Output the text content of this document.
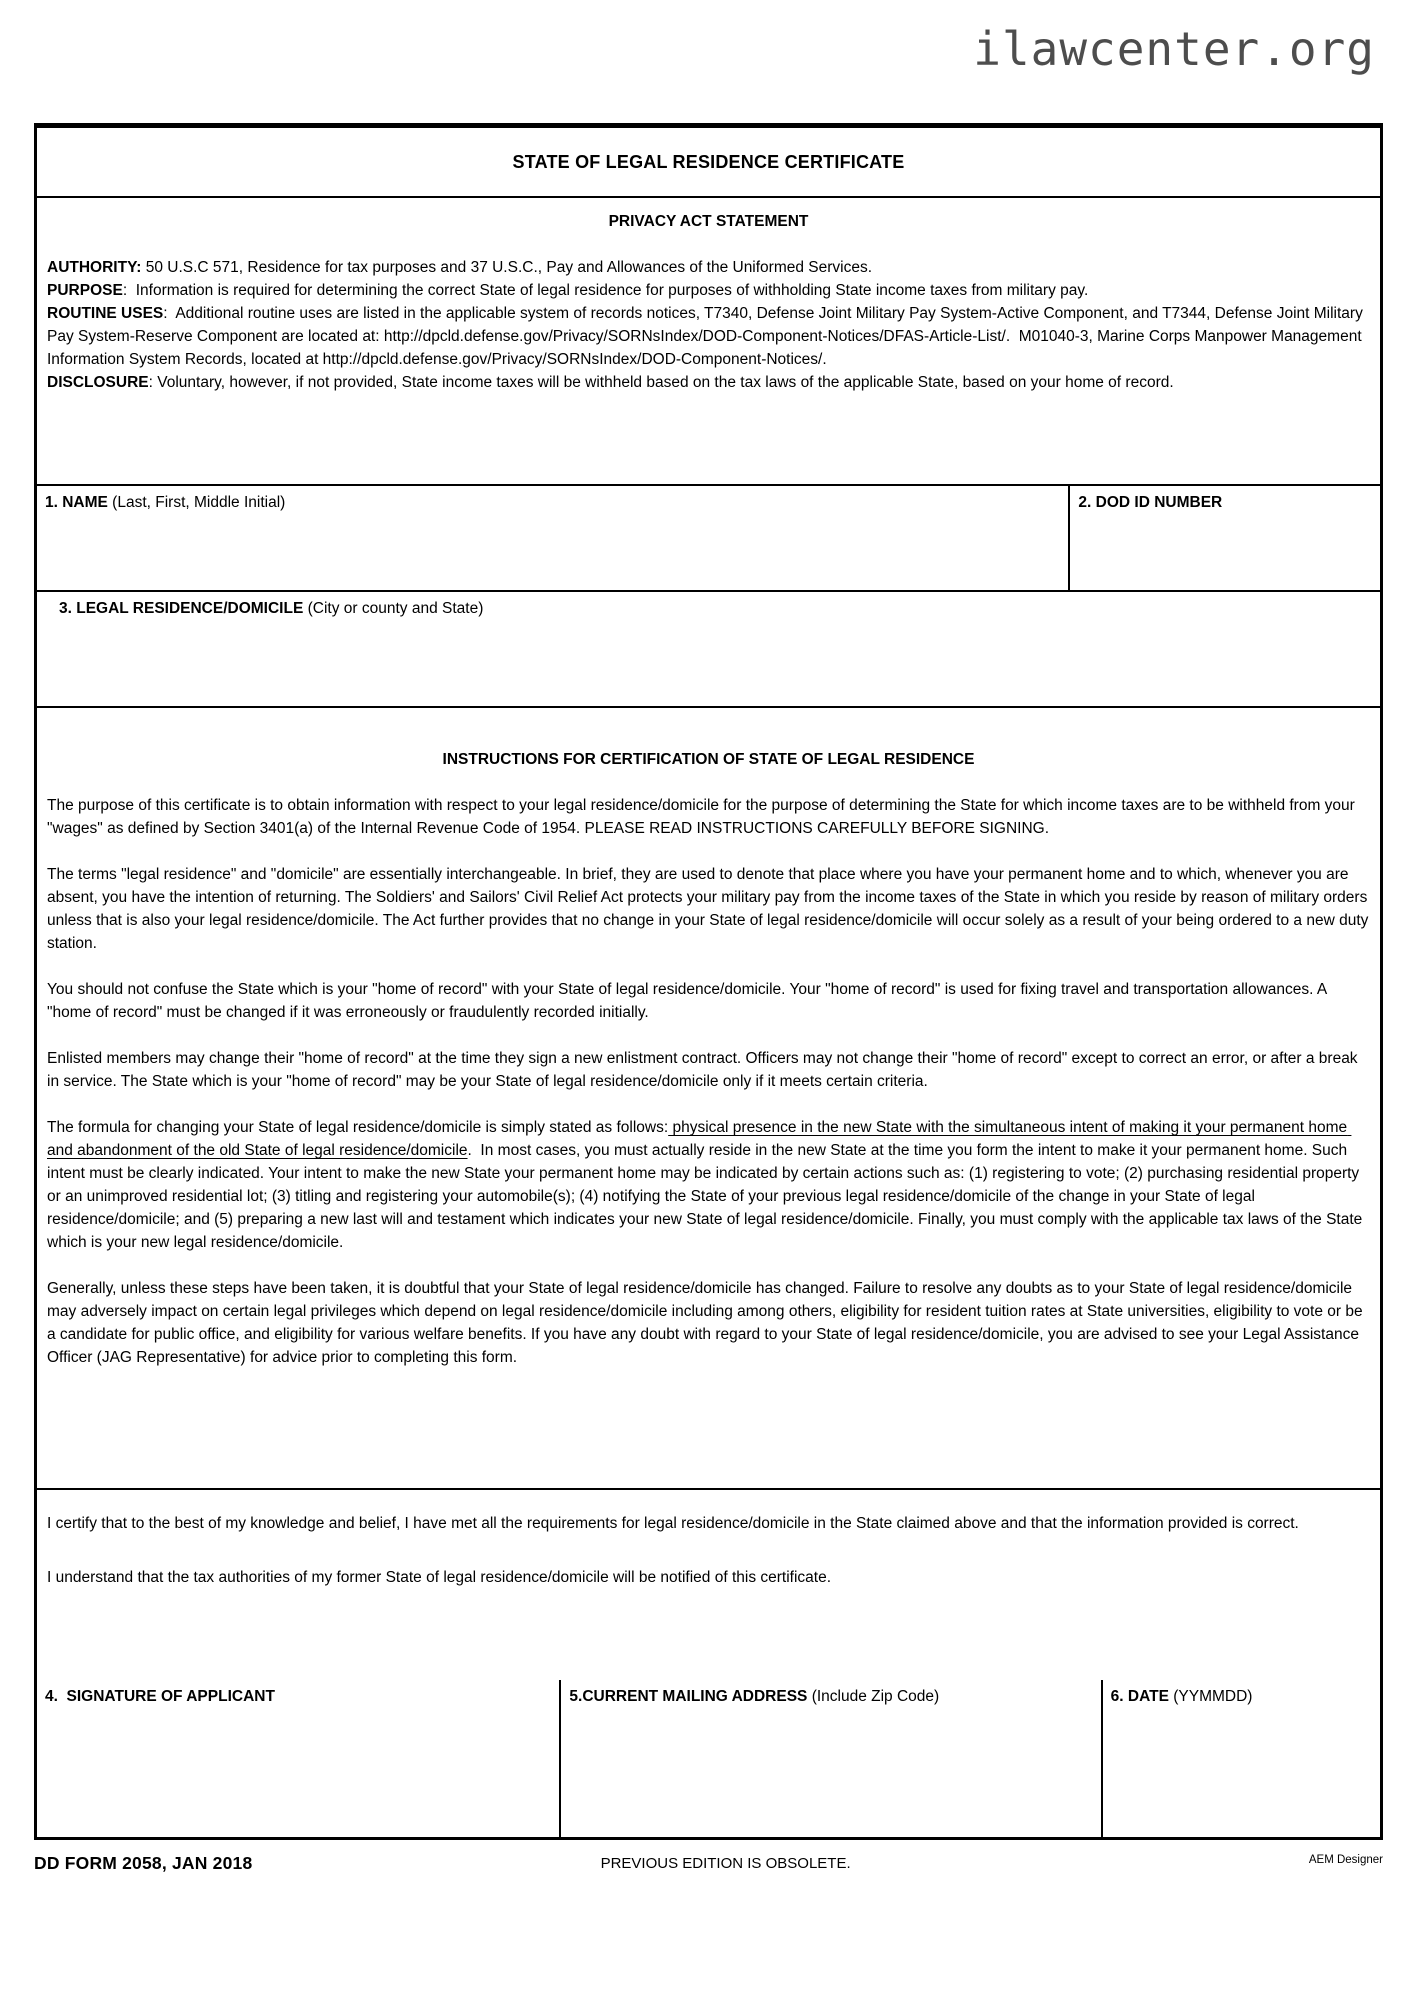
ilawcenter.org
STATE OF LEGAL RESIDENCE CERTIFICATE
PRIVACY ACT STATEMENT
AUTHORITY: 50 U.S.C 571, Residence for tax purposes and 37 U.S.C., Pay and Allowances of the Uniformed Services.
PURPOSE:  Information is required for determining the correct State of legal residence for purposes of withholding State income taxes from military pay.
ROUTINE USES:  Additional routine uses are listed in the applicable system of records notices, T7340, Defense Joint Military Pay System-Active Component, and T7344, Defense Joint Military Pay System-Reserve Component are located at: http://dpcld.defense.gov/Privacy/SORNsIndex/DOD-Component-Notices/DFAS-Article-List/.  M01040-3, Marine Corps Manpower Management Information System Records, located at http://dpcld.defense.gov/Privacy/SORNsIndex/DOD-Component-Notices/.
DISCLOSURE: Voluntary, however, if not provided, State income taxes will be withheld based on the tax laws of the applicable State, based on your home of record.
1. NAME (Last, First, Middle Initial)	2. DOD ID NUMBER
3. LEGAL RESIDENCE/DOMICILE (City or county and State)
INSTRUCTIONS FOR CERTIFICATION OF STATE OF LEGAL RESIDENCE
The purpose of this certificate is to obtain information with respect to your legal residence/domicile for the purpose of determining the State for which income taxes are to be withheld from your "wages" as defined by Section 3401(a) of the Internal Revenue Code of 1954. PLEASE READ INSTRUCTIONS CAREFULLY BEFORE SIGNING.
The terms "legal residence" and "domicile" are essentially interchangeable. In brief, they are used to denote that place where you have your permanent home and to which, whenever you are absent, you have the intention of returning. The Soldiers' and Sailors' Civil Relief Act protects your military pay from the income taxes of the State in which you reside by reason of military orders unless that is also your legal residence/domicile. The Act further provides that no change in your State of legal residence/domicile will occur solely as a result of your being ordered to a new duty station.
You should not confuse the State which is your "home of record" with your State of legal residence/domicile. Your "home of record" is used for fixing travel and transportation allowances. A "home of record" must be changed if it was erroneously or fraudulently recorded initially.
Enlisted members may change their "home of record" at the time they sign a new enlistment contract. Officers may not change their "home of record" except to correct an error, or after a break in service. The State which is your "home of record" may be your State of legal residence/domicile only if it meets certain criteria.
The formula for changing your State of legal residence/domicile is simply stated as follows: physical presence in the new State with the simultaneous intent of making it your permanent home and abandonment of the old State of legal residence/domicile.  In most cases, you must actually reside in the new State at the time you form the intent to make it your permanent home. Such intent must be clearly indicated. Your intent to make the new State your permanent home may be indicated by certain actions such as: (1) registering to vote; (2) purchasing residential property or an unimproved residential lot; (3) titling and registering your automobile(s); (4) notifying the State of your previous legal residence/domicile of the change in your State of legal residence/domicile; and (5) preparing a new last will and testament which indicates your new State of legal residence/domicile. Finally, you must comply with the applicable tax laws of the State which is your new legal residence/domicile.
Generally, unless these steps have been taken, it is doubtful that your State of legal residence/domicile has changed. Failure to resolve any doubts as to your State of legal residence/domicile may adversely impact on certain legal privileges which depend on legal residence/domicile including among others, eligibility for resident tuition rates at State universities, eligibility to vote or be a candidate for public office, and eligibility for various welfare benefits. If you have any doubt with regard to your State of legal residence/domicile, you are advised to see your Legal Assistance Officer (JAG Representative) for advice prior to completing this form.
I certify that to the best of my knowledge and belief, I have met all the requirements for legal residence/domicile in the State claimed above and that the information provided is correct.
I understand that the tax authorities of my former State of legal residence/domicile will be notified of this certificate.
4.  SIGNATURE OF APPLICANT	5.CURRENT MAILING ADDRESS (Include Zip Code)	6. DATE (YYMMDD)
DD FORM 2058, JAN 2018	PREVIOUS EDITION IS OBSOLETE.	AEM Designer
